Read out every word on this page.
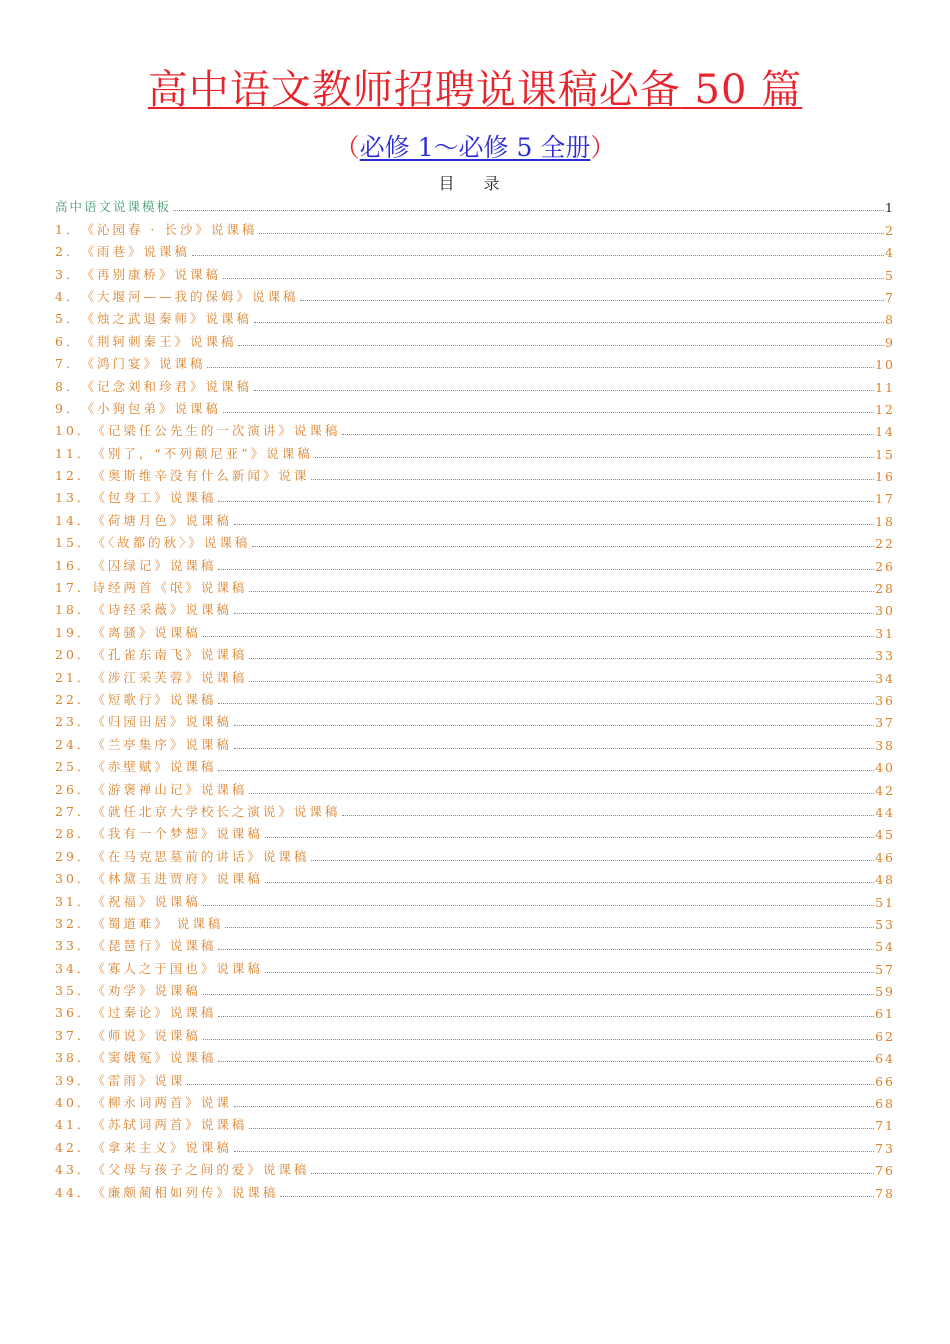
高中语文教师招聘说课稿必备 50 篇
（必修 1～必修 5 全册）
目 录
高中语文说课模板	1
1．《沁园春 · 长沙》说课稿	2
2．《雨巷》说课稿	4
3．《再别康桥》说课稿	5
4．《大堰河——我的保姆》说课稿	7
5．《烛之武退秦师》说课稿	8
6．《荆轲刺秦王》说课稿	9
7．《鸿门宴》说课稿	10
8．《记念刘和珍君》说课稿	11
9．《小狗包弟》说课稿	12
10．《记梁任公先生的一次演讲》说课稿	14
11．《别了，“不列颠尼亚”》说课稿	15
12．《奥斯维辛没有什么新闻》说课	16
13．《包身工》说课稿	17
14．《荷塘月色》说课稿	18
15．《〈故都的秋〉》说课稿	22
16．《囚绿记》说课稿	26
17．诗经两首《氓》说课稿	28
18．《诗经采薇》说课稿	30
19．《离骚》说课稿	31
20．《孔雀东南飞》说课稿	33
21．《涉江采芙蓉》说课稿	34
22．《短歌行》说课稿	36
23．《归园田居》说课稿	37
24．《兰亭集序》说课稿	38
25．《赤壁赋》说课稿	40
26．《游褒禅山记》说课稿	42
27．《就任北京大学校长之演说》说课稿	44
28．《我有一个梦想》说课稿	45
29．《在马克思墓前的讲话》说课稿	46
30．《林黛玉进贾府》说课稿	48
31．《祝福》说课稿	51
32．《蜀道难》 说课稿	53
33．《琵琶行》说课稿	54
34．《寡人之于国也》说课稿	57
35．《劝学》说课稿	59
36．《过秦论》说课稿	61
37．《师说》说课稿	62
38．《窦娥冤》说课稿	64
39．《雷雨》说课	66
40．《柳永词两首》说课	68
41．《苏轼词两首》说课稿	71
42．《拿来主义》说课稿	73
43．《父母与孩子之间的爱》说课稿	76
44．《廉颇蔺相如列传》说课稿	78
